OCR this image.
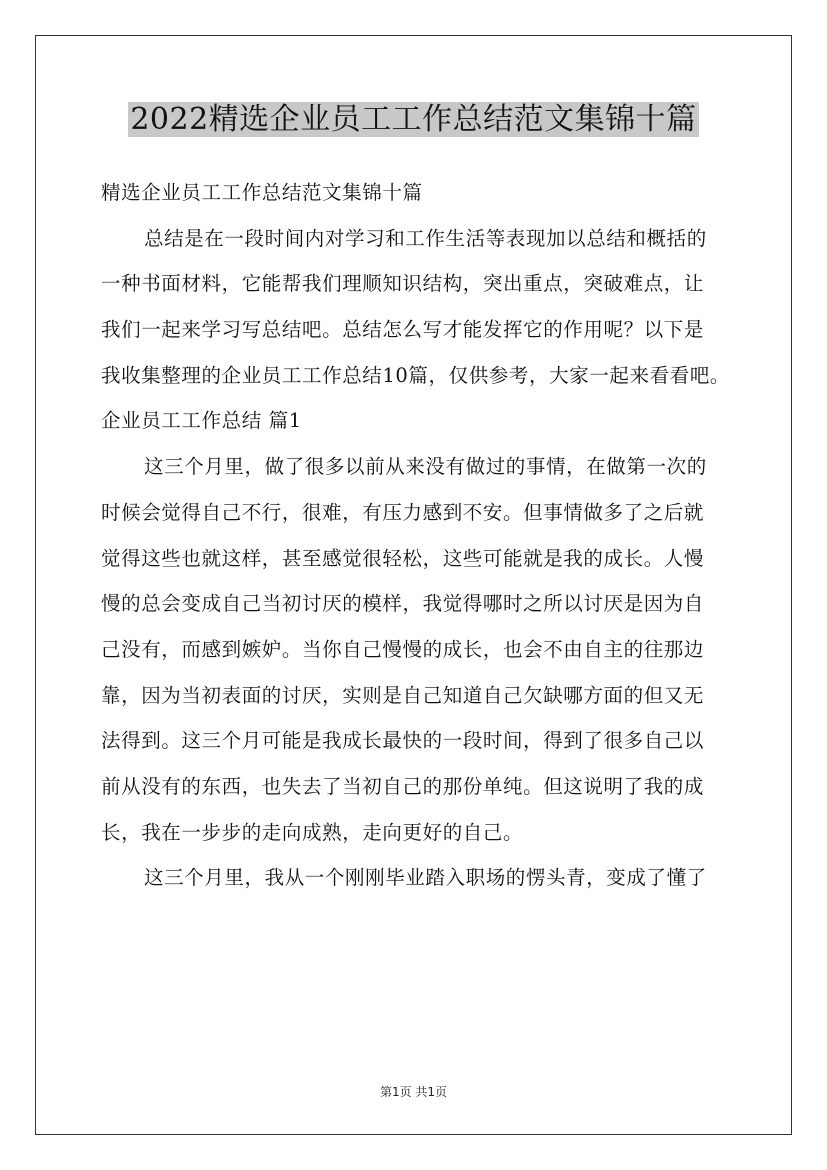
2022精选企业员工工作总结范文集锦十篇
精选企业员工工作总结范文集锦十篇
总结是在一段时间内对学习和工作生活等表现加以总结和概括的
一种书面材料，它能帮我们理顺知识结构，突出重点，突破难点，让
我们一起来学习写总结吧。总结怎么写才能发挥它的作用呢？以下是
我收集整理的企业员工工作总结10篇，仅供参考，大家一起来看看吧。
企业员工工作总结 篇1
这三个月里，做了很多以前从来没有做过的事情，在做第一次的
时候会觉得自己不行，很难，有压力感到不安。但事情做多了之后就
觉得这些也就这样，甚至感觉很轻松，这些可能就是我的成长。人慢
慢的总会变成自己当初讨厌的模样，我觉得哪时之所以讨厌是因为自
己没有，而感到嫉妒。当你自己慢慢的成长，也会不由自主的往那边
靠，因为当初表面的讨厌，实则是自己知道自己欠缺哪方面的但又无
法得到。这三个月可能是我成长最快的一段时间，得到了很多自己以
前从没有的东西，也失去了当初自己的那份单纯。但这说明了我的成
长，我在一步步的走向成熟，走向更好的自己。
这三个月里，我从一个刚刚毕业踏入职场的愣头青，变成了懂了
第1页 共1页
